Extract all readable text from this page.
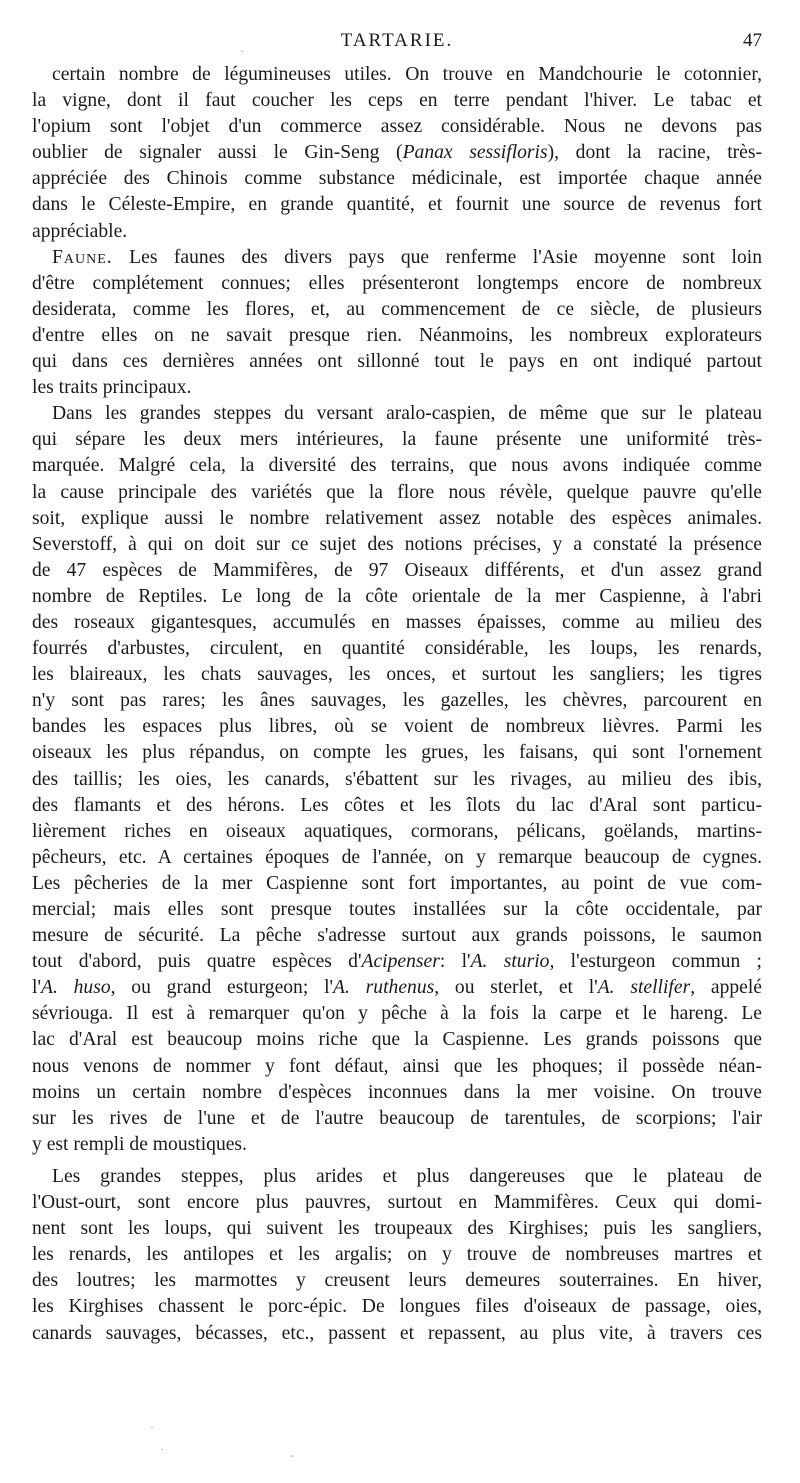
TARTARIE.	47
certain nombre de légumineuses utiles. On trouve en Mandchourie le cotonnier,
la vigne, dont il faut coucher les ceps en terre pendant l'hiver. Le tabac et
l'opium sont l'objet d'un commerce assez considérable. Nous ne devons pas
oublier de signaler aussi le Gin-Seng (Panax sessifloris), dont la racine, très-
appréciée des Chinois comme substance médicinale, est importée chaque année
dans le Céleste-Empire, en grande quantité, et fournit une source de revenus fort
appréciable.
Faune. Les faunes des divers pays que renferme l'Asie moyenne sont loin
d'être complétement connues; elles présenteront longtemps encore de nombreux
desiderata, comme les flores, et, au commencement de ce siècle, de plusieurs
d'entre elles on ne savait presque rien. Néanmoins, les nombreux explorateurs
qui dans ces dernières années ont sillonné tout le pays en ont indiqué partout
les traits principaux.
Dans les grandes steppes du versant aralo-caspien, de même que sur le plateau
qui sépare les deux mers intérieures, la faune présente une uniformité très-
marquée. Malgré cela, la diversité des terrains, que nous avons indiquée comme
la cause principale des variétés que la flore nous révèle, quelque pauvre qu'elle
soit, explique aussi le nombre relativement assez notable des espèces animales.
Severstoff, à qui on doit sur ce sujet des notions précises, y a constaté la présence
de 47 espèces de Mammifères, de 97 Oiseaux différents, et d'un assez grand
nombre de Reptiles. Le long de la côte orientale de la mer Caspienne, à l'abri
des roseaux gigantesques, accumulés en masses épaisses, comme au milieu des
fourrés d'arbustes, circulent, en quantité considérable, les loups, les renards,
les blaireaux, les chats sauvages, les onces, et surtout les sangliers; les tigres
n'y sont pas rares; les ânes sauvages, les gazelles, les chèvres, parcourent en
bandes les espaces plus libres, où se voient de nombreux lièvres. Parmi les
oiseaux les plus répandus, on compte les grues, les faisans, qui sont l'ornement
des taillis; les oies, les canards, s'ébattent sur les rivages, au milieu des ibis,
des flamants et des hérons. Les côtes et les îlots du lac d'Aral sont particu-
lièrement riches en oiseaux aquatiques, cormorans, pélicans, goëlands, martins-
pêcheurs, etc. A certaines époques de l'année, on y remarque beaucoup de cygnes.
Les pêcheries de la mer Caspienne sont fort importantes, au point de vue com-
mercial; mais elles sont presque toutes installées sur la côte occidentale, par
mesure de sécurité. La pêche s'adresse surtout aux grands poissons, le saumon
tout d'abord, puis quatre espèces d'Acipenser: l'A. sturio, l'esturgeon commun ;
l'A. huso, ou grand esturgeon; l'A. ruthenus, ou sterlet, et l'A. stellifer, appelé
sévriouga. Il est à remarquer qu'on y pêche à la fois la carpe et le hareng. Le
lac d'Aral est beaucoup moins riche que la Caspienne. Les grands poissons que
nous venons de nommer y font défaut, ainsi que les phoques; il possède néan-
moins un certain nombre d'espèces inconnues dans la mer voisine. On trouve
sur les rives de l'une et de l'autre beaucoup de tarentules, de scorpions; l'air
y est rempli de moustiques.
Les grandes steppes, plus arides et plus dangereuses que le plateau de
l'Oust-ourt, sont encore plus pauvres, surtout en Mammifères. Ceux qui domi-
nent sont les loups, qui suivent les troupeaux des Kirghises; puis les sangliers,
les renards, les antilopes et les argalis; on y trouve de nombreuses martres et
des loutres; les marmottes y creusent leurs demeures souterraines. En hiver,
les Kirghises chassent le porc-épic. De longues files d'oiseaux de passage, oies,
canards sauvages, bécasses, etc., passent et repassent, au plus vite, à travers ces
·
·
·	-
